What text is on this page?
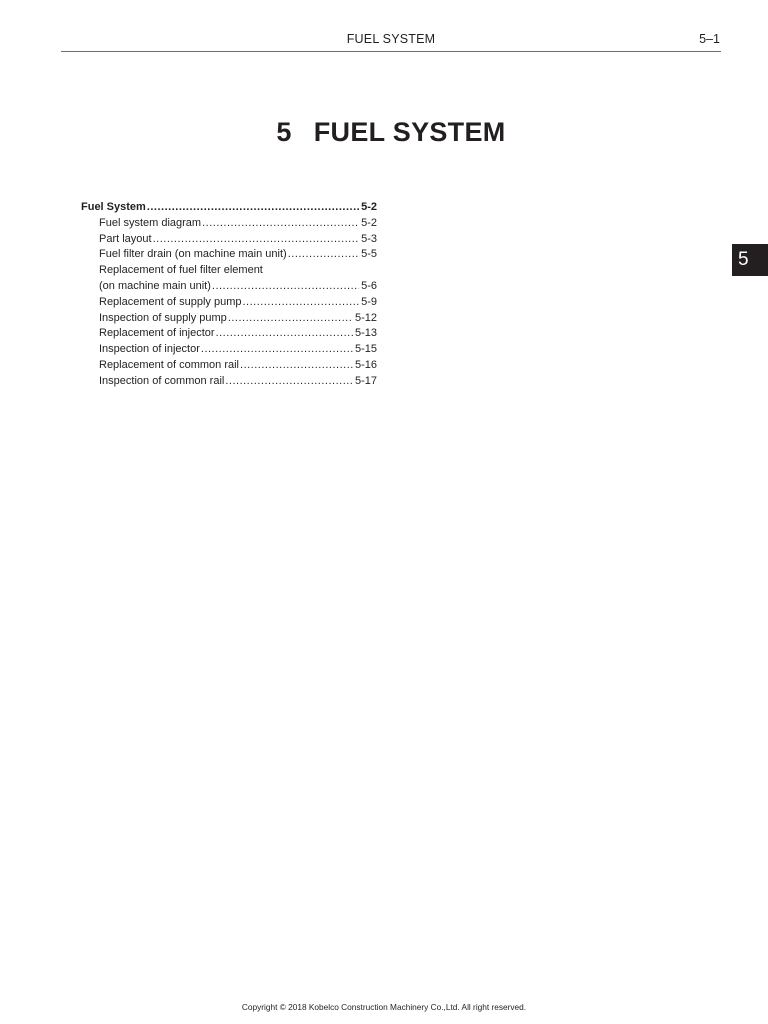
FUEL SYSTEM	5–1
5 FUEL SYSTEM
Fuel System .....	5-2
Fuel system diagram .....	5-2
Part layout .....	5-3
Fuel filter drain (on machine main unit) .....	5-5
Replacement of fuel filter element
(on machine main unit) .....	5-6
Replacement of supply pump .....	5-9
Inspection of supply pump .....	5-12
Replacement of injector .....	5-13
Inspection of injector .....	5-15
Replacement of common rail .....	5-16
Inspection of common rail .....	5-17
5
Copyright © 2018 Kobelco Construction Machinery Co.,Ltd. All right reserved.
